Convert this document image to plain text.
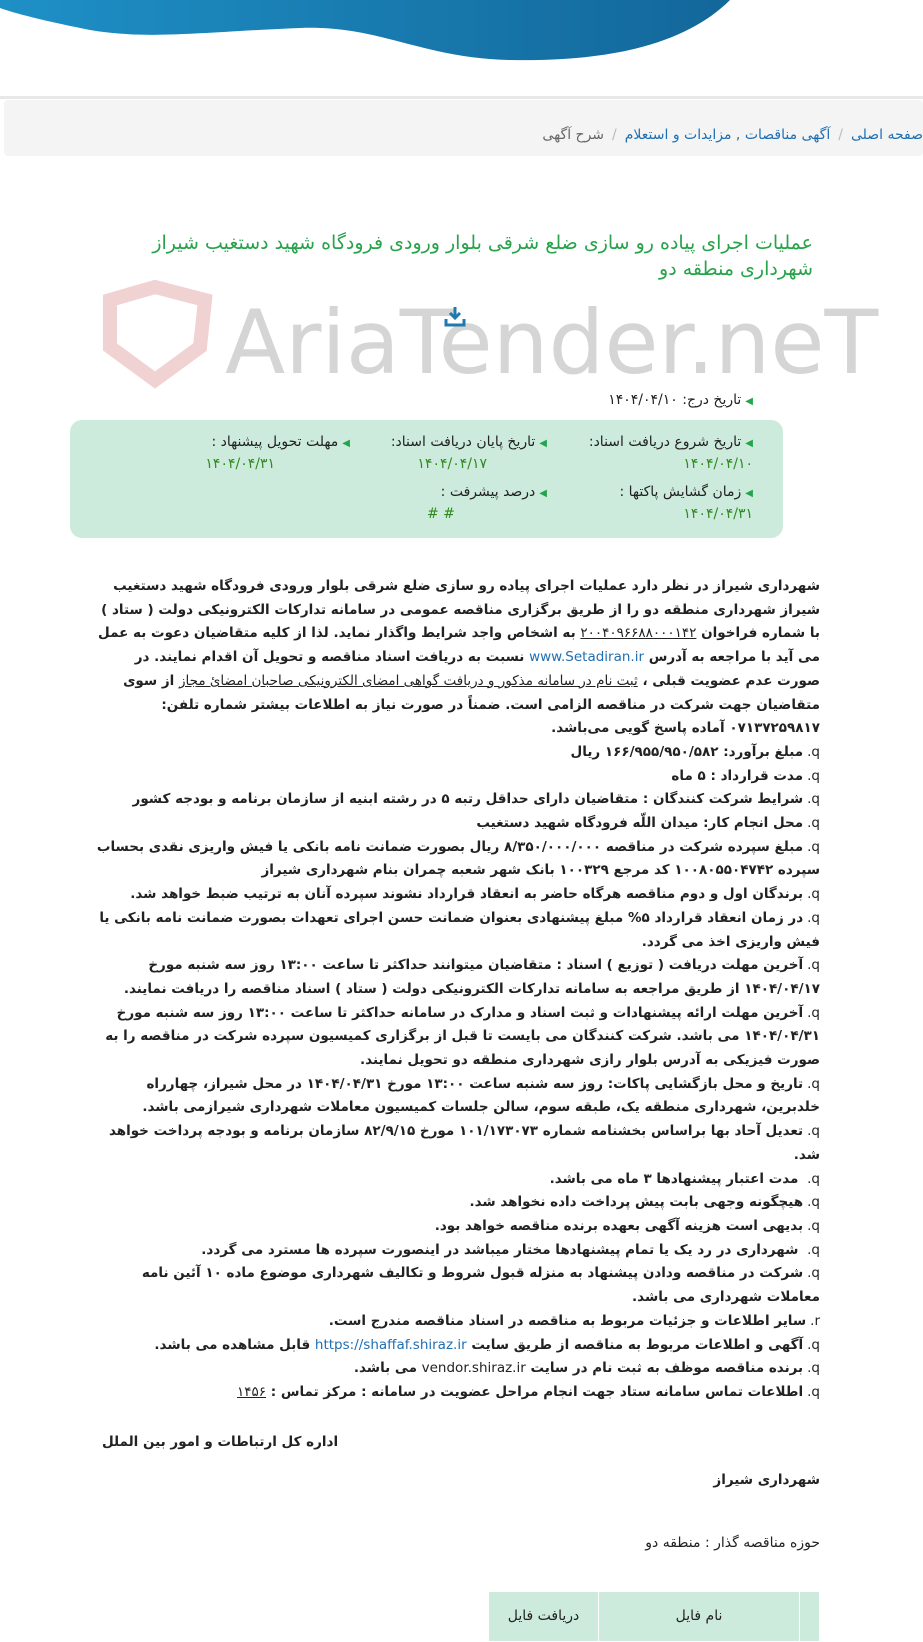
صفحه اصلی/آگهی مناقصات , مزایدات و استعلام/شرح آگهی
عملیات اجرای پیاده رو سازی ضلع شرقی بلوار ورودی فرودگاه شهید دستغیب شیراز شهرداری منطقه دو
AriaTender.neT
◀تاریخ درج: ۱۴۰۴/۰۴/۱۰
◀تاریخ شروع دریافت اسناد:
۱۴۰۴/۰۴/۱۰
◀تاریخ پایان دریافت اسناد:
۱۴۰۴/۰۴/۱۷
◀مهلت تحویل پیشنهاد :
۱۴۰۴/۰۴/۳۱
◀زمان گشایش پاکتها :
۱۴۰۴/۰۴/۳۱
◀درصد پیشرفت :
# #
شهرداری شیراز در نظر دارد عملیات اجرای پیاده رو سازی ضلع شرقی بلوار ورودی فرودگاه شهید دستغیب شیراز شهرداری منطقه دو را از طریق برگزاری مناقصه عمومی در سامانه تدارکات الکترونیکی دولت ( ستاد ) با شماره فراخوان ۲۰۰۴۰۹۶۶۸۸۰۰۰۱۴۲ به اشخاص واجد شرایط واگذار نماید. لذا از کلیه متقاضیان دعوت به عمل می آید با مراجعه به آدرس www.Setadiran.ir نسبت به دریافت اسناد مناقصه و تحویل آن اقدام نمایند. در صورت عدم عضویت قبلی ، ثبت نام در سامانه مذکور و دریافت گواهی امضای الکترونیکی صاحبان امضائ مجاز از سوی متقاضیان جهت شرکت در مناقصه الزامی است. ضمناً در صورت نیاز به اطلاعات بیشتر شماره تلفن: ۰۷۱۳۷۲۵۹۸۱۷ آماده پاسخ گویی می‌باشد.
q.مبلغ برآورد: ۱۶۶/۹۵۵/۹۵۰/۵۸۲ ریال
q.مدت قرارداد : ۵ ماه
q.شرایط شرکت کنندگان : متقاضیان دارای حداقل رتبه ۵ در رشته ابنیه از سازمان برنامه و بودجه کشور
q.محل انجام کار: میدان اللّه فرودگاه شهید دستغیب
q.مبلغ سپرده شرکت در مناقصه ۸/۳۵۰/۰۰۰/۰۰۰ ریال بصورت ضمانت نامه بانکی یا فیش واریزی نقدی بحساب سپرده ۱۰۰۸۰۵۵۰۴۷۴۲ کد مرجع ۱۰۰۳۲۹ بانک شهر شعبه چمران بنام شهرداری شیراز
q.برندگان اول و دوم مناقصه هرگاه حاضر به انعقاد قرارداد نشوند سپرده آنان به ترتیب ضبط خواهد شد.
q.در زمان انعقاد قرارداد ۵% مبلغ پیشنهادی بعنوان ضمانت حسن اجرای تعهدات بصورت ضمانت نامه بانکی یا فیش واریزی اخذ می گردد.
q.آخرین مهلت دریافت ( توزیع ) اسناد : متقاضیان میتوانند حداکثر تا ساعت ۱۳:۰۰ روز سه شنبه مورخ ۱۴۰۴/۰۴/۱۷ از طریق مراجعه به سامانه تدارکات الکترونیکی دولت ( ستاد ) اسناد مناقصه را دریافت نمایند.
q.آخرین مهلت ارائه پیشنهادات و ثبت اسناد و مدارک در سامانه حداکثر تا ساعت ۱۳:۰۰ روز سه شنبه مورخ ۱۴۰۴/۰۴/۳۱ می باشد. شرکت کنندگان می بایست تا قبل از برگزاری کمیسیون سپرده شرکت در مناقصه را به صورت فیزیکی به آدرس بلوار رازی شهرداری منطقه دو تحویل نمایند.
q.تاریخ و محل بازگشایی پاکات: روز سه شنبه ساعت ۱۳:۰۰ مورخ ۱۴۰۴/۰۴/۳۱ در محل شیراز، چهارراه خلدبرین، شهرداری منطقه یک، طبقه سوم، سالن جلسات کمیسیون معاملات شهرداری شیرازمی باشد.
q.تعدیل آحاد بها براساس بخشنامه شماره ۱۰۱/۱۷۳۰۷۳ مورخ ۸۲/۹/۱۵ سازمان برنامه و بودجه پرداخت خواهد شد.
q. مدت اعتبار پیشنهادها ۳ ماه می باشد.
q.هیچگونه وجهی بابت پیش پرداخت داده نخواهد شد.
q.بدیهی است هزینه آگهی بعهده برنده مناقصه خواهد بود.
q. شهرداری در رد یک یا تمام پیشنهادها مختار میباشد در اینصورت سپرده ها مسترد می گردد.
q.شرکت در مناقصه ودادن پیشنهاد به منزله قبول شروط و تکالیف شهرداری موضوع ماده ۱۰ آئین نامه معاملات شهرداری می باشد.
r.سایر اطلاعات و جزئیات مربوط به مناقصه در اسناد مناقصه مندرج است.
q.آگهی و اطلاعات مربوط به مناقصه از طریق سایت https://shaffaf.shiraz.ir قابل مشاهده می باشد.
q.برنده مناقصه موظف به ثبت نام در سایت vendor.shiraz.ir می باشد.
q.اطلاعات تماس سامانه ستاد جهت انجام مراحل عضویت در سامانه : مرکز تماس : ۱۴۵۶
اداره کل ارتباطات و امور بین الملل
شهرداری شیراز
حوزه مناقصه گذار : منطقه دو
	نام فایل	دریافت فایل
